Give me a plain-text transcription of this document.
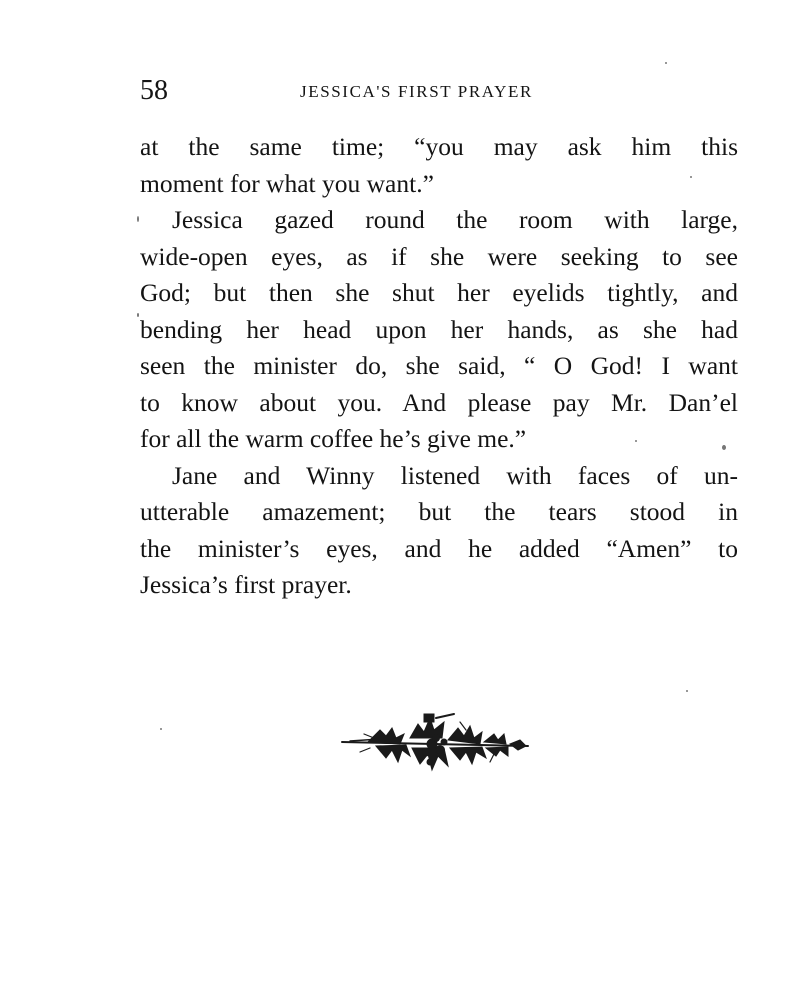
58	JESSICA'S FIRST PRAYER
at the same time; “you may ask him this
moment for what you want.”
Jessica gazed round the room with large,
wide-open eyes, as if she were seeking to see
God; but then she shut her eyelids tightly, and
bending her head upon her hands, as she had
seen the minister do, she said, “ O God! I want
to know about you. And please pay Mr. Dan’el
for all the warm coffee he’s give me.”
Jane and Winny listened with faces of un-
utterable amazement; but the tears stood in
the minister’s eyes, and he added “Amen” to
Jessica’s first prayer.
